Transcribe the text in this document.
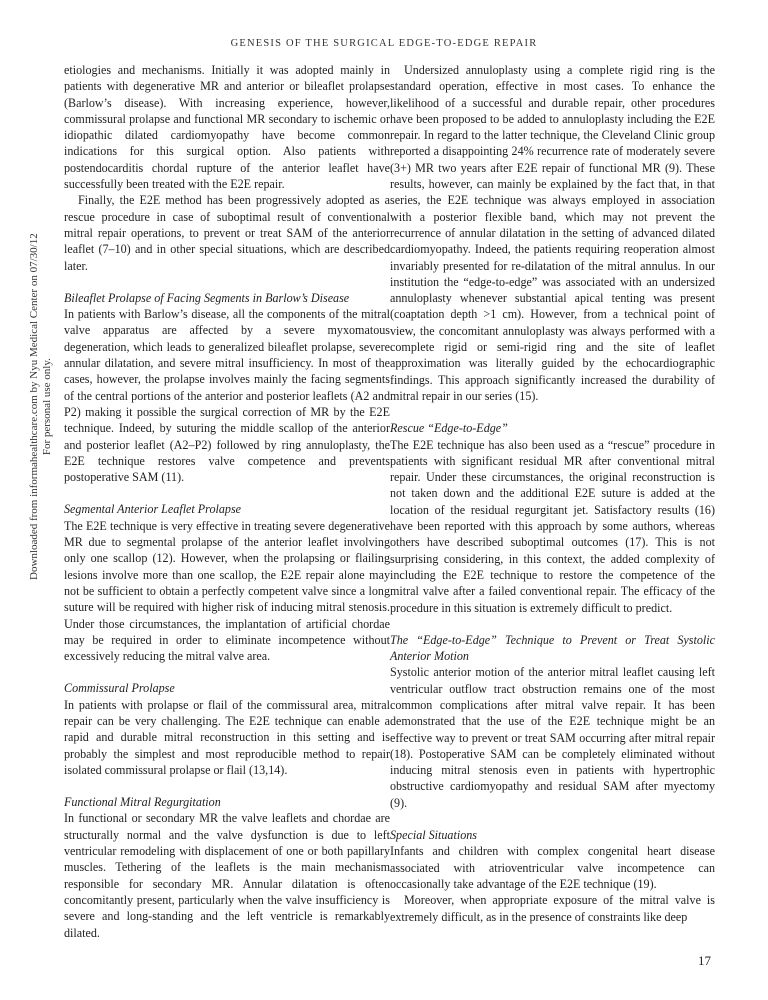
GENESIS OF THE SURGICAL EDGE-TO-EDGE REPAIR
Downloaded from informahealthcare.com by Nyu Medical Center on 07/30/12 For personal use only.

etiologies and mechanisms. Initially it was adopted mainly in patients with degenerative MR and anterior or bileaflet prolapse (Barlow’s disease). With increasing experience, however, commissural prolapse and functional MR secondary to ischemic or idiopathic dilated cardiomyopathy have become common indications for this surgical option. Also patients with postendocarditis chordal rupture of the anterior leaflet have successfully been treated with the E2E repair.

Finally, the E2E method has been progressively adopted as a rescue procedure in case of suboptimal result of conventional mitral repair operations, to prevent or treat SAM of the anterior leaflet (7–10) and in other special situations, which are described later.

Bileaflet Prolapse of Facing Segments in Barlow’s Disease

In patients with Barlow’s disease, all the components of the mitral valve apparatus are affected by a severe myxomatous degeneration, which leads to generalized bileaflet prolapse, severe annular dilatation, and severe mitral insufficiency. In most of the cases, however, the prolapse involves mainly the facing segments of the central portions of the anterior and posterior leaflets (A2 and P2) making it possible the surgical correction of MR by the E2E technique. Indeed, by suturing the middle scallop of the anterior and posterior leaflet (A2–P2) followed by ring annuloplasty, the E2E technique restores valve competence and prevents postoperative SAM (11).

Segmental Anterior Leaflet Prolapse

The E2E technique is very effective in treating severe degenerative MR due to segmental prolapse of the anterior leaflet involving only one scallop (12). However, when the prolapsing or flailing lesions involve more than one scallop, the E2E repair alone may not be sufficient to obtain a perfectly competent valve since a long suture will be required with higher risk of inducing mitral stenosis. Under those circumstances, the implantation of artificial chordae may be required in order to eliminate incompetence without excessively reducing the mitral valve area.

Commissural Prolapse

In patients with prolapse or flail of the commissural area, mitral repair can be very challenging. The E2E technique can enable a rapid and durable mitral reconstruction in this setting and is probably the simplest and most reproducible method to repair isolated commissural prolapse or flail (13,14).

Functional Mitral Regurgitation

In functional or secondary MR the valve leaflets and chordae are structurally normal and the valve dysfunction is due to left ventricular remodeling with displacement of one or both papillary muscles. Tethering of the leaflets is the main mechanism responsible for secondary MR. Annular dilatation is often concomitantly present, particularly when the valve insufficiency is severe and long-standing and the left ventricle is remarkably dilated.

Undersized annuloplasty using a complete rigid ring is the standard operation, effective in most cases. To enhance the likelihood of a successful and durable repair, other procedures have been proposed to be added to annuloplasty including the E2E repair. In regard to the latter technique, the Cleveland Clinic group reported a disappointing 24% recurrence rate of moderately severe (3+) MR two years after E2E repair of functional MR (9). These results, however, can mainly be explained by the fact that, in that series, the E2E technique was always employed in association with a posterior flexible band, which may not prevent the recurrence of annular dilatation in the setting of advanced dilated cardiomyopathy. Indeed, the patients requiring reoperation almost invariably presented for re-dilatation of the mitral annulus. In our institution the “edge-to-edge” was associated with an undersized annuloplasty whenever substantial apical tenting was present (coaptation depth >1 cm). However, from a technical point of view, the concomitant annuloplasty was always performed with a complete rigid or semi-rigid ring and the site of leaflet approximation was literally guided by the echocardiographic findings. This approach significantly increased the durability of mitral repair in our series (15).

Rescue “Edge-to-Edge”

The E2E technique has also been used as a “rescue” procedure in patients with significant residual MR after conventional mitral repair. Under these circumstances, the original reconstruction is not taken down and the additional E2E suture is added at the location of the residual regurgitant jet. Satisfactory results (16) have been reported with this approach by some authors, whereas others have described suboptimal outcomes (17). This is not surprising considering, in this context, the added complexity of including the E2E technique to restore the competence of the mitral valve after a failed conventional repair. The efficacy of the procedure in this situation is extremely difficult to predict.

The “Edge-to-Edge” Technique to Prevent or Treat Systolic Anterior Motion

Systolic anterior motion of the anterior mitral leaflet causing left ventricular outflow tract obstruction remains one of the most common complications after mitral valve repair. It has been demonstrated that the use of the E2E technique might be an effective way to prevent or treat SAM occurring after mitral repair (18). Postoperative SAM can be completely eliminated without inducing mitral stenosis even in patients with hypertrophic obstructive cardiomyopathy and residual SAM after myectomy (9).

Special Situations

Infants and children with complex congenital heart disease associated with atrioventricular valve incompetence can occasionally take advantage of the E2E technique (19).

Moreover, when appropriate exposure of the mitral valve is extremely difficult, as in the presence of constraints like deep

17
